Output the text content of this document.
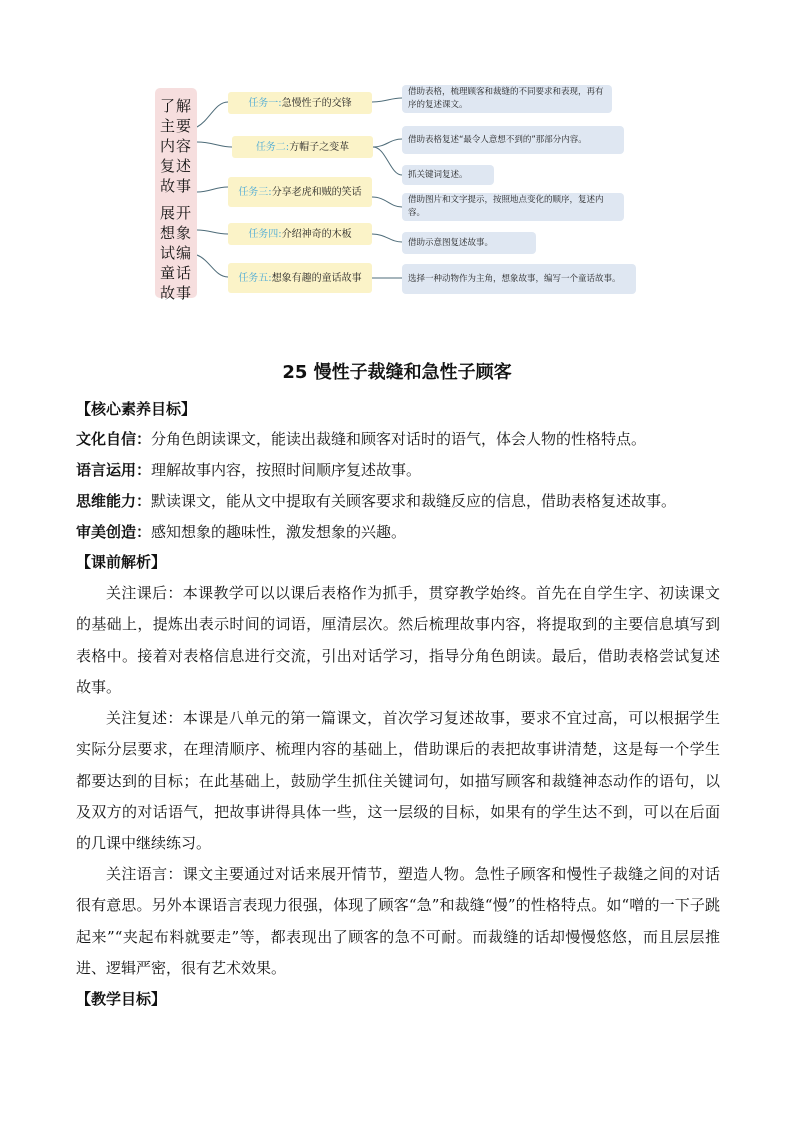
了 解
主 要
内 容
复 述
故 事
展 开
想 象
试 编
童 话
故 事
任务一: 急慢性子的交锋
任务二: 方帽子之变革
任务三: 分享老虎和贼的笑话
任务四: 介绍神奇的木板
任务五: 想象有趣的童话故事
借助表格，梳理顾客和裁缝的不同要求和表现，再有序的复述课文。
借助表格复述“最令人意想不到的”那部分内容。
抓关键词复述。
借助图片和文字提示，按照地点变化的顺序，复述内容。
借助示意图复述故事。
选择一种动物作为主角，想象故事，编写一个童话故事。
25 慢性子裁缝和急性子顾客
【核心素养目标】
文化自信：分角色朗读课文，能读出裁缝和顾客对话时的语气，体会人物的性格特点。
语言运用：理解故事内容，按照时间顺序复述故事。
思维能力：默读课文，能从文中提取有关顾客要求和裁缝反应的信息，借助表格复述故事。
审美创造：感知想象的趣味性，激发想象的兴趣。
【课前解析】
关注课后：本课教学可以以课后表格作为抓手，贯穿教学始终。首先在自学生字、初读课文的基础上，提炼出表示时间的词语，厘清层次。然后梳理故事内容，将提取到的主要信息填写到表格中。接着对表格信息进行交流，引出对话学习，指导分角色朗读。最后，借助表格尝试复述故事。
关注复述：本课是八单元的第一篇课文，首次学习复述故事，要求不宜过高，可以根据学生实际分层要求，在理清顺序、梳理内容的基础上，借助课后的表把故事讲清楚，这是每一个学生都要达到的目标；在此基础上，鼓励学生抓住关键词句，如描写顾客和裁缝神态动作的语句，以及双方的对话语气，把故事讲得具体一些，这一层级的目标，如果有的学生达不到，可以在后面的几课中继续练习。
关注语言：课文主要通过对话来展开情节，塑造人物。急性子顾客和慢性子裁缝之间的对话很有意思。另外本课语言表现力很强，体现了顾客“急”和裁缝“慢”的性格特点。如“噌的一下子跳起来”“夹起布料就要走”等，都表现出了顾客的急不可耐。而裁缝的话却慢慢悠悠，而且层层推进、逻辑严密，很有艺术效果。
【教学目标】
